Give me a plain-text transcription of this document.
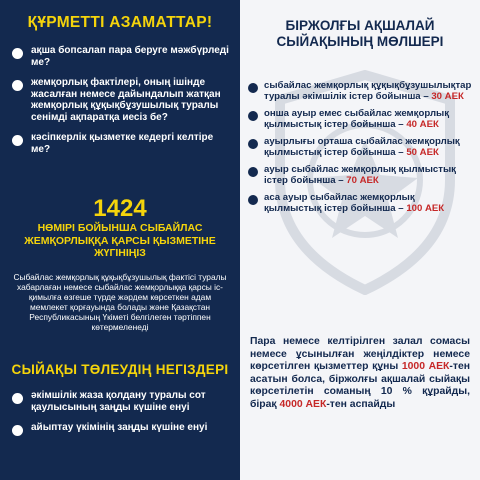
ҚҰРМЕТТІ АЗАМАТТАР!
ақша бопсалап пара беруге мәжбүрледі ме?
жемқорлық фактілері, оның ішінде жасалған немесе дайындалып жатқан жемқорлық құқықбұзушылық туралы сенімді ақпаратқа иесіз бе?
кәсіпкерлік қызметке кедергі келтіре ме?
1424
НӨМІРІ БОЙЫНША СЫБАЙЛАС ЖЕМҚОРЛЫҚҚА ҚАРСЫ ҚЫЗМЕТІНЕ ЖҮГІНІҢІЗ
Сыбайлас жемқорлық құқықбұзушылық фактісі туралы хабарлаған немесе сыбайлас жемқорлыққа қарсы іс-қимылға өзгеше түрде жәрдем көрсеткен адам мемлекет қорғауында болады және Қазақстан Республикасының Үкіметі белгілеген тәртіппен көтермеленеді
СЫЙАҚЫ ТӨЛЕУДІҢ НЕГІЗДЕРІ
әкімшілік жаза қолдану туралы сот қаулысының заңды күшіне енуі
айыптау үкімінің заңды күшіне енуі
БІРЖОЛҒЫ АҚШАЛАЙ СЫЙАҚЫНЫҢ МӨЛШЕРІ
сыбайлас жемқорлық құқықбұзушылықтар туралы әкімшілік істер бойынша – 30 АЕК
онша ауыр емес сыбайлас жемқорлық қылмыстық істер бойынша – 40 АЕК
ауырлығы орташа сыбайлас жемқорлық қылмыстық істер бойынша – 50 АЕК
ауыр сыбайлас жемқорлық қылмыстық істер бойынша – 70 АЕК
аса ауыр сыбайлас жемқорлық қылмыстық істер бойынша – 100 АЕК
Пара немесе келтірілген залал сомасы немесе ұсынылған жеңілдіктер немесе көрсетілген қызметтер құны 1000 АЕК-тен асатын болса, біржолғы ақшалай сыйақы көрсетілетін соманың 10 % құрайды, бірақ 4000 АЕК-тен аспайды
